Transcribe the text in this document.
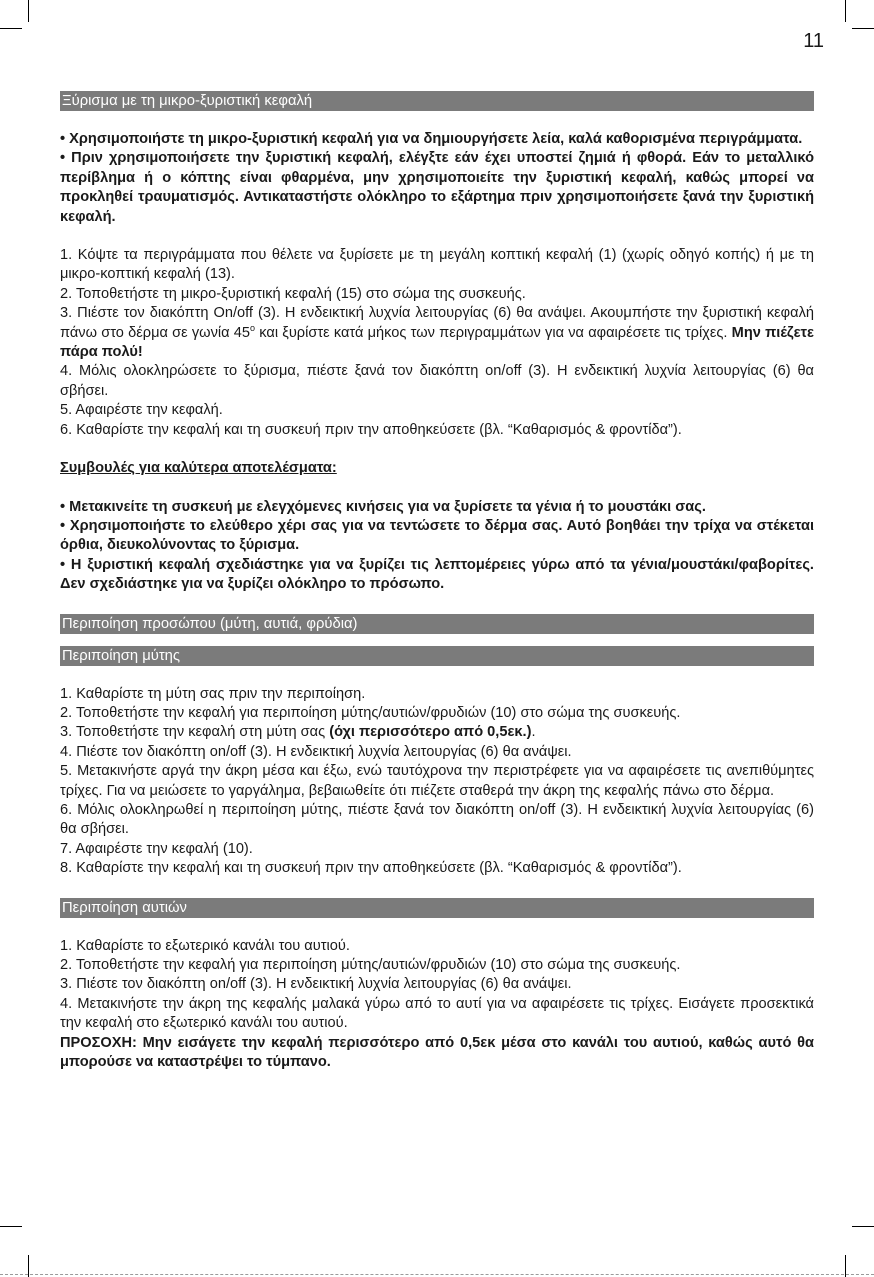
11
Ξύρισμα με τη μικρο-ξυριστική κεφαλή

• Χρησιμοποιήστε τη μικρο-ξυριστική κεφαλή για να δημιουργήσετε λεία, καλά καθορισμένα περιγράμματα.

• Πριν χρησιμοποιήσετε την ξυριστική κεφαλή, ελέγξτε εάν έχει υποστεί ζημιά ή φθορά. Εάν το μεταλλικό περίβλημα ή ο κόπτης είναι φθαρμένα, μην χρησιμοποιείτε την ξυριστική κεφαλή, καθώς μπορεί να προκληθεί τραυματισμός. Αντικαταστήστε ολόκληρο το εξάρτημα πριν χρησιμοποιήσετε ξανά την ξυριστική κεφαλή.

1. Κόψτε τα περιγράμματα που θέλετε να ξυρίσετε με τη μεγάλη κοπτική κεφαλή (1) (χωρίς οδηγό κοπής) ή με τη μικρο-κοπτική κεφαλή (13).

2. Τοποθετήστε τη μικρο-ξυριστική κεφαλή (15) στο σώμα της συσκευής.

3. Πιέστε τον διακόπτη On/off (3). Η ενδεικτική λυχνία λειτουργίας (6) θα ανάψει. Ακουμπήστε την ξυριστική κεφαλή πάνω στο δέρμα σε γωνία $45^o$ και ξυρίστε κατά μήκος των περιγραμμάτων για να αφαιρέσετε τις τρίχες. Μην πιέζετε πάρα πολύ!

4. Μόλις ολοκληρώσετε το ξύρισμα, πιέστε ξανά τον διακόπτη on/off (3). Η ενδεικτική λυχνία λειτουργίας (6) θα σβήσει.

5. Αφαιρέστε την κεφαλή.

6. Καθαρίστε την κεφαλή και τη συσκευή πριν την αποθηκεύσετε (βλ. “Καθαρισμός & φροντίδα”).

Συμβουλές για καλύτερα αποτελέσματα:

• Μετακινείτε τη συσκευή με ελεγχόμενες κινήσεις για να ξυρίσετε τα γένια ή το μουστάκι σας.

• Χρησιμοποιήστε το ελεύθερο χέρι σας για να τεντώσετε το δέρμα σας. Αυτό βοηθάει την τρίχα να στέκεται όρθια, διευκολύνοντας το ξύρισμα.

• Η ξυριστική κεφαλή σχεδιάστηκε για να ξυρίζει τις λεπτομέρειες γύρω από τα γένια/μουστάκι/φαβορίτες. Δεν σχεδιάστηκε για να ξυρίζει ολόκληρο το πρόσωπο.

Περιποίηση προσώπου (μύτη, αυτιά, φρύδια)
Περιποίηση μύτης

1. Καθαρίστε τη μύτη σας πριν την περιποίηση.

2. Τοποθετήστε την κεφαλή για περιποίηση μύτης/αυτιών/φρυδιών (10) στο σώμα της συσκευής.

3. Τοποθετήστε την κεφαλή στη μύτη σας (όχι περισσότερο από 0,5εκ.).

4. Πιέστε τον διακόπτη on/off (3). Η ενδεικτική λυχνία λειτουργίας (6) θα ανάψει.

5. Μετακινήστε αργά την άκρη μέσα και έξω, ενώ ταυτόχρονα την περιστρέφετε για να αφαιρέσετε τις ανεπιθύμητες τρίχες. Για να μειώσετε το γαργάλημα, βεβαιωθείτε ότι πιέζετε σταθερά την άκρη της κεφαλής πάνω στο δέρμα.

6. Μόλις ολοκληρωθεί η περιποίηση μύτης, πιέστε ξανά τον διακόπτη on/off (3). Η ενδεικτική λυχνία λειτουργίας (6) θα σβήσει.

7. Αφαιρέστε την κεφαλή (10).

8. Καθαρίστε την κεφαλή και τη συσκευή πριν την αποθηκεύσετε (βλ. “Καθαρισμός & φροντίδα”).

Περιποίηση αυτιών

1. Καθαρίστε το εξωτερικό κανάλι του αυτιού.

2. Τοποθετήστε την κεφαλή για περιποίηση μύτης/αυτιών/φρυδιών (10) στο σώμα της συσκευής.

3. Πιέστε τον διακόπτη on/off (3). Η ενδεικτική λυχνία λειτουργίας (6) θα ανάψει.

4. Μετακινήστε την άκρη της κεφαλής μαλακά γύρω από το αυτί για να αφαιρέσετε τις τρίχες. Εισάγετε προσεκτικά την κεφαλή στο εξωτερικό κανάλι του αυτιού.

ΠΡΟΣΟΧΗ: Μην εισάγετε την κεφαλή περισσότερο από 0,5εκ μέσα στο κανάλι του αυτιού, καθώς αυτό θα μπορούσε να καταστρέψει το τύμπανο.
